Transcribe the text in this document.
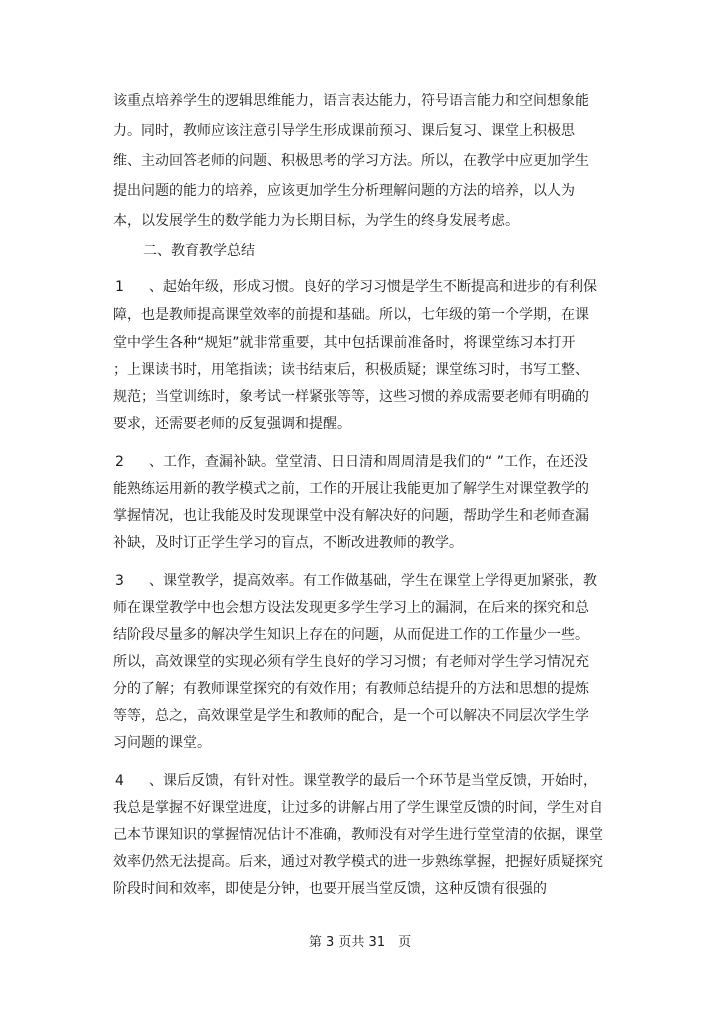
该重点培养学生的逻辑思维能力，语言表达能力，符号语言能力和空间想象能
力。同时，教师应该注意引导学生形成课前预习、课后复习、课堂上积极思
维、主动回答老师的问题、积极思考的学习方法。所以，在教学中应更加学生
提出问题的能力的培养，应该更加学生分析理解问题的方法的培养，以人为
本，以发展学生的数学能力为长期目标，为学生的终身发展考虑。
二、教育教学总结
1 、起始年级，形成习惯。良好的学习习惯是学生不断提高和进步的有利保
障，也是教师提高课堂效率的前提和基础。所以，七年级的第一个学期，在课
堂中学生各种“规矩”就非常重要，其中包括课前准备时，将课堂练习本打开
；上课读书时，用笔指读；读书结束后，积极质疑；课堂练习时，书写工整、
规范；当堂训练时，象考试一样紧张等等，这些习惯的养成需要老师有明确的
要求，还需要老师的反复强调和提醒。
2 、工作，查漏补缺。堂堂清、日日清和周周清是我们的“ ”工作，在还没
能熟练运用新的教学模式之前，工作的开展让我能更加了解学生对课堂教学的
掌握情况，也让我能及时发现课堂中没有解决好的问题，帮助学生和老师查漏
补缺，及时订正学生学习的盲点，不断改进教师的教学。
3 、课堂教学，提高效率。有工作做基础，学生在课堂上学得更加紧张，教
师在课堂教学中也会想方设法发现更多学生学习上的漏洞，在后来的探究和总
结阶段尽量多的解决学生知识上存在的问题，从而促进工作的工作量少一些。
所以，高效课堂的实现必须有学生良好的学习习惯；有老师对学生学习情况充
分的了解；有教师课堂探究的有效作用；有教师总结提升的方法和思想的提炼
等等，总之，高效课堂是学生和教师的配合，是一个可以解决不同层次学生学
习问题的课堂。
4 、课后反馈，有针对性。课堂教学的最后一个环节是当堂反馈，开始时，
我总是掌握不好课堂进度，让过多的讲解占用了学生课堂反馈的时间，学生对自
己本节课知识的掌握情况估计不准确，教师没有对学生进行堂堂清的依据，课堂
效率仍然无法提高。后来，通过对教学模式的进一步熟练掌握，把握好质疑探究
阶段时间和效率，即使是分钟，也要开展当堂反馈，这种反馈有很强的
第 3 页共 31　页
